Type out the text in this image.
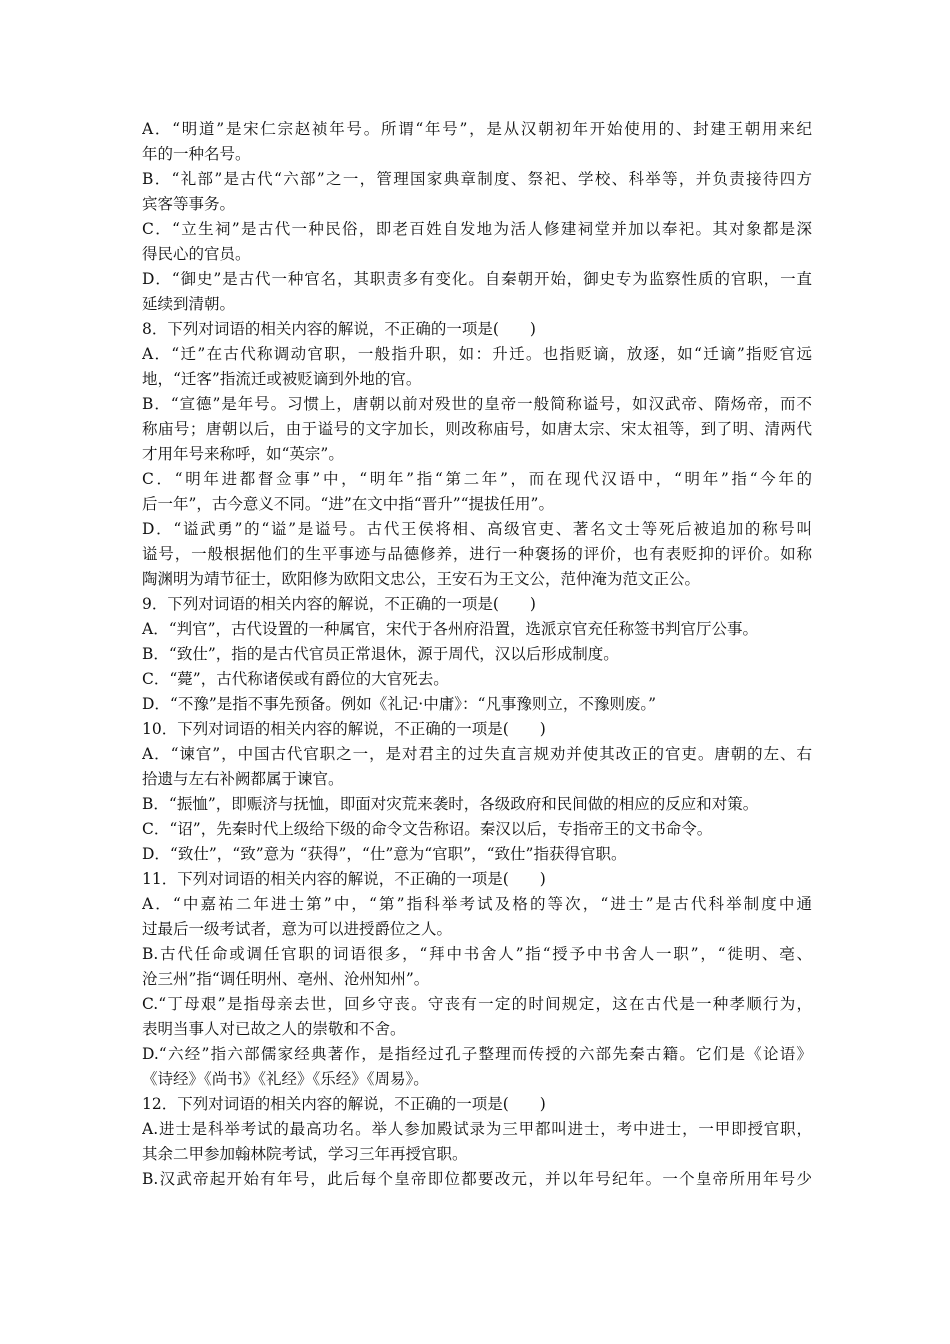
A．“明道”是宋仁宗赵祯年号。所谓“年号”，是从汉朝初年开始使用的、封建王朝用来纪
年的一种名号。
B．“礼部”是古代“六部”之一，管理国家典章制度、祭祀、学校、科举等，并负责接待四方
宾客等事务。
C．“立生祠”是古代一种民俗，即老百姓自发地为活人修建祠堂并加以奉祀。其对象都是深
得民心的官员。
D．“御史”是古代一种官名，其职责多有变化。自秦朝开始，御史专为监察性质的官职，一直
延续到清朝。
8．下列对词语的相关内容的解说，不正确的一项是(　　)
A．“迁”在古代称调动官职，一般指升职，如：升迁。也指贬谪，放逐，如“迁谪”指贬官远
地，“迁客”指流迁或被贬谪到外地的官。
B．“宣德”是年号。习惯上，唐朝以前对殁世的皇帝一般简称谥号，如汉武帝、隋炀帝，而不
称庙号；唐朝以后，由于谥号的文字加长，则改称庙号，如唐太宗、宋太祖等，到了明、清两代
才用年号来称呼，如“英宗”。
C．“明年进都督佥事”中，“明年”指“第二年”，而在现代汉语中，“明年”指“今年的
后一年”，古今意义不同。“进”在文中指“晋升”“提拔任用”。
D．“谥武勇”的“谥”是谥号。古代王侯将相、高级官吏、著名文士等死后被追加的称号叫
谥号，一般根据他们的生平事迹与品德修养，进行一种褒扬的评价，也有表贬抑的评价。如称
陶渊明为靖节征士，欧阳修为欧阳文忠公，王安石为王文公，范仲淹为范文正公。
9．下列对词语的相关内容的解说，不正确的一项是(　　)
A．“判官”，古代设置的一种属官，宋代于各州府沿置，选派京官充任称签书判官厅公事。
B．“致仕”，指的是古代官员正常退休，源于周代，汉以后形成制度。
C．“薨”，古代称诸侯或有爵位的大官死去。
D．“不豫”是指不事先预备。例如《礼记·中庸》：“凡事豫则立，不豫则废。”
10．下列对词语的相关内容的解说，不正确的一项是(　　)
A．“谏官”，中国古代官职之一，是对君主的过失直言规劝并使其改正的官吏。唐朝的左、右
拾遗与左右补阙都属于谏官。
B．“振恤”，即赈济与抚恤，即面对灾荒来袭时，各级政府和民间做的相应的反应和对策。
C．“诏”，先秦时代上级给下级的命令文告称诏。秦汉以后，专指帝王的文书命令。
D．“致仕”，“致”意为 “获得”，“仕”意为“官职”，“致仕”指获得官职。
11．下列对词语的相关内容的解说，不正确的一项是(　　)
A．“中嘉祐二年进士第”中，“第”指科举考试及格的等次，“进士”是古代科举制度中通
过最后一级考试者，意为可以进授爵位之人。
B.古代任命或调任官职的词语很多，“拜中书舍人”指“授予中书舍人一职”，“徙明、亳、
沧三州”指“调任明州、亳州、沧州知州”。
C.“丁母艰”是指母亲去世，回乡守丧。守丧有一定的时间规定，这在古代是一种孝顺行为，
表明当事人对已故之人的崇敬和不舍。
D.“六经”指六部儒家经典著作，是指经过孔子整理而传授的六部先秦古籍。它们是《论语》
《诗经》《尚书》《礼经》《乐经》《周易》。
12．下列对词语的相关内容的解说，不正确的一项是(　　)
A.进士是科举考试的最高功名。举人参加殿试录为三甲都叫进士，考中进士，一甲即授官职，
其余二甲参加翰林院考试，学习三年再授官职。
B.汉武帝起开始有年号，此后每个皇帝即位都要改元，并以年号纪年。一个皇帝所用年号少
